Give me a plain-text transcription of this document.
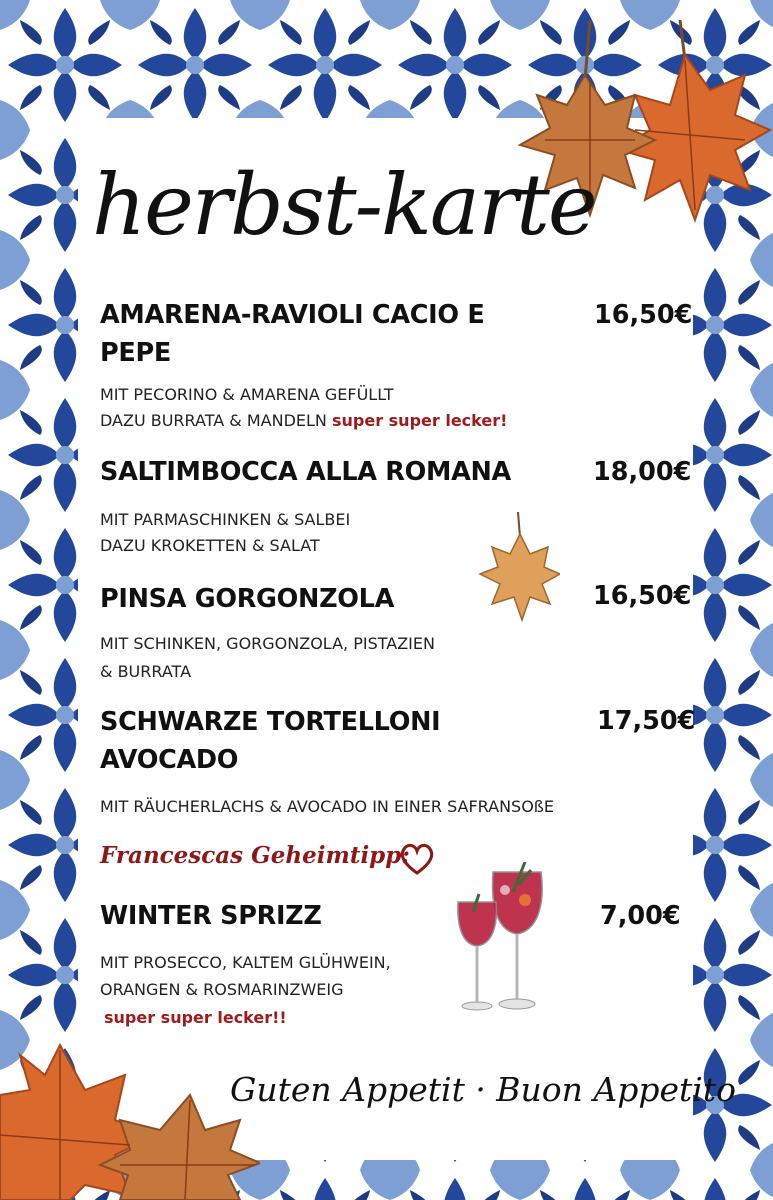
herbst-karte
AMARENA-RAVIOLI CACIO E PEPE
16,50€
MIT PECORINO & AMARENA GEFÜLLT
DAZU BURRATA & MANDELN super super lecker!
SALTIMBOCCA ALLA ROMANA	18,00€
MIT PARMASCHINKEN & SALBEI
DAZU KROKETTEN & SALAT
PINSA GORGONZOLA	16,50€
MIT SCHINKEN, GORGONZOLA, PISTAZIEN
& BURRATA
SCHWARZE TORTELLONI AVOCADO
17,50€
MIT RÄUCHERLACHS & AVOCADO IN EINER SAFRANSOßE
Francescas Geheimtipp:
WINTER SPRIZZ	7,00€
MIT PROSECCO, KALTEM GLÜHWEIN,
ORANGEN & ROSMARINZWEIG
super super lecker!!
Guten Appetit · Buon Appetito
